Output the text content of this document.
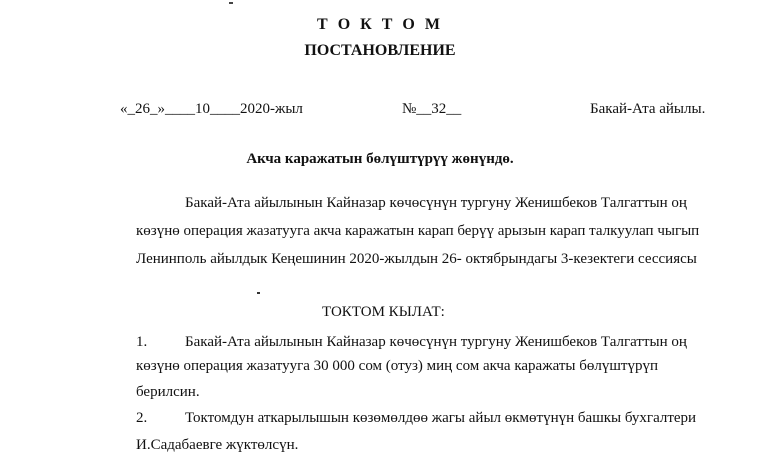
Т О К Т О М
ПОСТАНОВЛЕНИЕ
«_26_»____10____2020-жыл	№__32__	Бакай-Ата айылы.
Акча каражатын бөлүштүрүү жөнүндө.
Бакай-Ата айылынын Кайназар көчөсүнүн тургуну Женишбеков Талгаттын оң
көзүнө операция жазатууга акча каражатын карап берүү арызын карап талкуулап чыгып
Ленинполь айылдык Кеңешинин 2020-жылдын 26- октябрындагы 3-кезектеги сессиясы
ТОКТОМ КЫЛАТ:
1.	Бакай-Ата айылынын Кайназар көчөсүнүн тургуну Женишбеков Талгаттын оң
көзүнө операция жазатууга 30 000 сом (отуз) миң сом акча каражаты бөлүштүрүп
берилсин.
2.	Токтомдун аткарылышын көзөмөлдөө жагы айыл өкмөтүнүн башкы бухгалтери
И.Садабаевге жүктөлсүн.
